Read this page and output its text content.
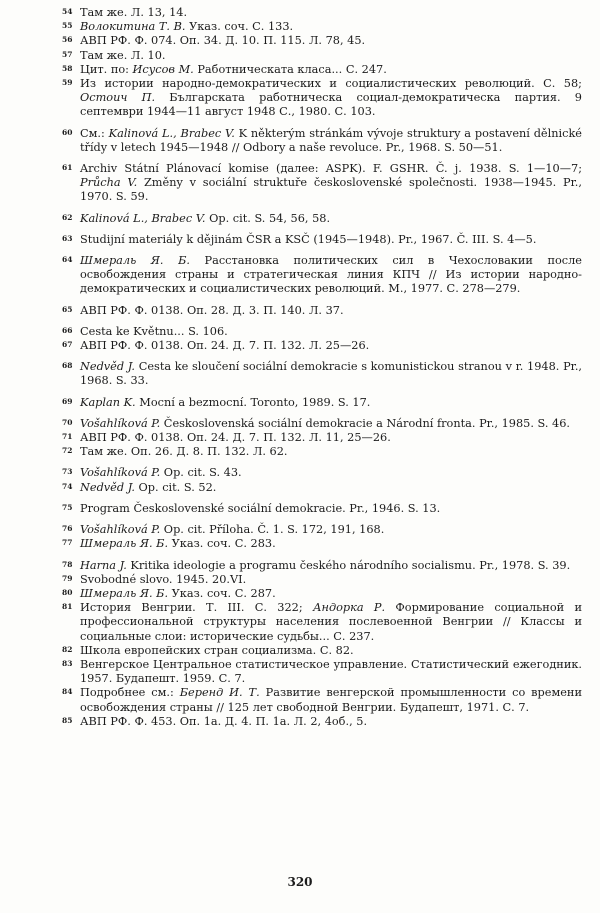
54 Там же. Л. 13, 14.
55 Волокитина Т. В. Указ. соч. С. 133.
56 АВП РФ. Ф. 074. Оп. 34. Д. 10. П. 115. Л. 78, 45.
57 Там же. Л. 10.
58 Цит. по: Исусов М. Работническата класа... С. 247.
59 Из истории народно-демократических и социалистических революций. С. 58; Остоич П. Българската работническа социал-демократическа партия. 9 септември 1944—11 август 1948 С., 1980. С. 103.
60 См.: Kalinová L., Brabec V. K některým stránkám vývoje struktury a postavení dělnické třídy v letech 1945—1948 // Odbory a naše revoluce. Pr., 1968. S. 50—51.
61 Archiv Státní Plánovací komise (далее: ASPK). F. GSHR. Č. j. 1938. S. 1—10—7; Průcha V. Změny v sociální struktuře československé společnosti. 1938—1945. Pr., 1970. S. 59.
62 Kalinová L., Brabec V. Op. cit. S. 54, 56, 58.
63 Studijní materiály k dějinám ČSR a KSČ (1945—1948). Pr., 1967. Č. III. S. 4—5.
64 Шмераль Я. Б. Расстановка политических сил в Чехословакии после освобождения страны и стратегическая линия КПЧ // Из истории народно-демократических и социалистических революций. М., 1977. С. 278—279.
65 АВП РФ. Ф. 0138. Оп. 28. Д. 3. П. 140. Л. 37.
66 Cesta ke Květnu... S. 106.
67 АВП РФ. Ф. 0138. Оп. 24. Д. 7. П. 132. Л. 25—26.
68 Nedvěd J. Cesta ke sloučení sociální demokracie s komunistickou stranou v r. 1948. Pr., 1968. S. 33.
69 Kaplan K. Mocní a bezmocní. Toronto, 1989. S. 17.
70 Vošahlíková P. Československá sociální demokracie a Národní fronta. Pr., 1985. S. 46.
71 АВП РФ. Ф. 0138. Оп. 24. Д. 7. П. 132. Л. 11, 25—26.
72 Там же. Оп. 26. Д. 8. П. 132. Л. 62.
73 Vošahlíková P. Op. cit. S. 43.
74 Nedvěd J. Op. cit. S. 52.
75 Program Československé sociální demokracie. Pr., 1946. S. 13.
76 Vošahlíková P. Op. cit. Příloha. Č. 1. S. 172, 191, 168.
77 Шмераль Я. Б. Указ. соч. С. 283.
78 Harna J. Kritika ideologie a programu českého národního socialismu. Pr., 1978. S. 39.
79 Svobodné slovo. 1945. 20.VI.
80 Шмераль Я. Б. Указ. соч. С. 287.
81 История Венгрии. Т. III. С. 322; Андорка Р. Формирование социальной и профессиональной структуры населения послевоенной Венгрии // Классы и социальные слои: исторические судьбы... С. 237.
82 Школа европейских стран социализма. С. 82.
83 Венгерское Центральное статистическое управление. Статистический ежегодник. 1957. Будапешт. 1959. С. 7.
84 Подробнее см.: Беренд И. Т. Развитие венгерской промышленности со времени освобождения страны // 125 лет свободной Венгрии. Будапешт, 1971. С. 7.
85 АВП РФ. Ф. 453. Оп. 1а. Д. 4. П. 1а. Л. 2, 4об., 5.
320
